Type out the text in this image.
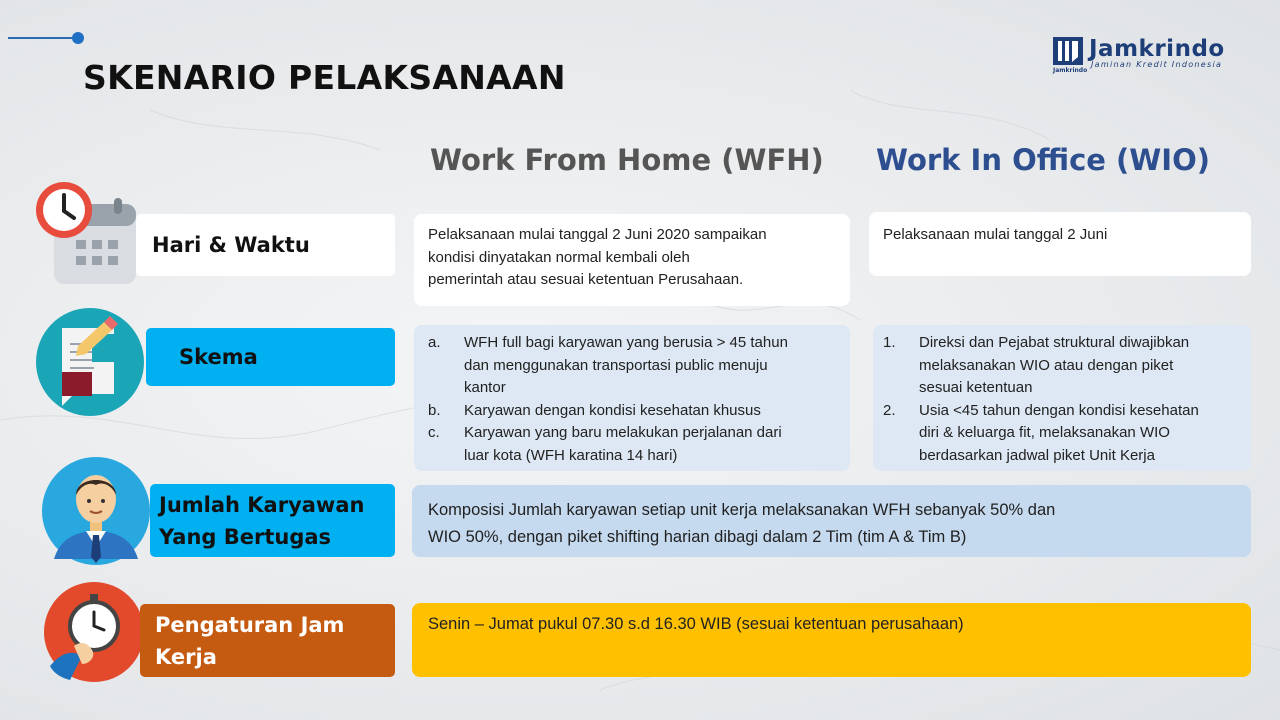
SKENARIO PELAKSANAAN	Jamkrindo
Jamkrindo
Jaminan Kredit Indonesia
Work From Home (WFH) Work In Office (WIO)
Hari & Waktu	Pelaksanaan mulai tanggal 2 Juni 2020 sampaikan

kondisi dinyatakan normal kembali oleh

pemerintah atau sesuai ketentuan Perusahaan.

Pelaksanaan mulai tanggal 2 Juni

Skema
a. WFH full bagi karyawan yang berusia > 45 tahun
dan menggunakan transportasi public menuju
kantor
b. Karyawan dengan kondisi kesehatan khusus
c. Karyawan yang baru melakukan perjalanan dari
luar kota (WFH karatina 14 hari)
1. Direksi dan Pejabat struktural diwajibkan
melaksanakan WIO atau dengan piket
sesuai ketentuan
2. Usia <45 tahun dengan kondisi kesehatan
diri & keluarga fit, melaksanakan WIO
berdasarkan jadwal piket Unit Kerja
Jumlah Karyawan
Yang Bertugas

Komposisi Jumlah karyawan setiap unit kerja melaksanakan WFH sebanyak 50% dan

WIO 50%, dengan piket shifting harian dibagi dalam 2 Tim (tim A & Tim B)

Pengaturan Jam
Kerja

Senin – Jumat pukul 07.30 s.d 16.30 WIB (sesuai ketentuan perusahaan)
